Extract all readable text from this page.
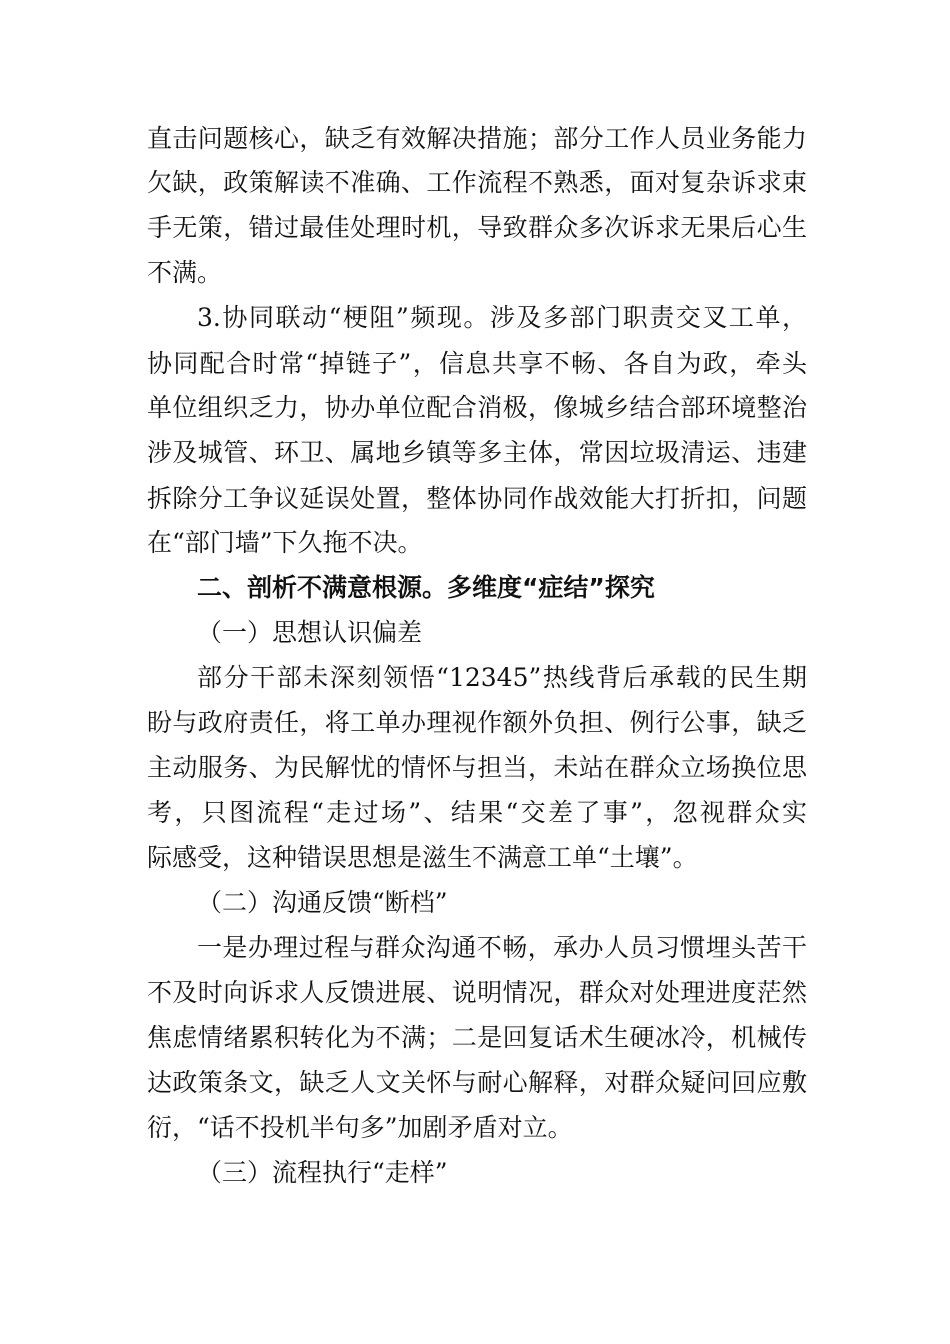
直击问题核心，缺乏有效解决措施；部分工作人员业务能力
欠缺，政策解读不准确、工作流程不熟悉，面对复杂诉求束
手无策，错过最佳处理时机，导致群众多次诉求无果后心生
不满。
3.协同联动“梗阻”频现。涉及多部门职责交叉工单，
协同配合时常“掉链子”，信息共享不畅、各自为政，牵头
单位组织乏力，协办单位配合消极，像城乡结合部环境整治
涉及城管、环卫、属地乡镇等多主体，常因垃圾清运、违建
拆除分工争议延误处置，整体协同作战效能大打折扣，问题
在“部门墙”下久拖不决。
二、剖析不满意根源。多维度“症结”探究
（一）思想认识偏差
部分干部未深刻领悟“12345”热线背后承载的民生期
盼与政府责任，将工单办理视作额外负担、例行公事，缺乏
主动服务、为民解忧的情怀与担当，未站在群众立场换位思
考，只图流程“走过场”、结果“交差了事”，忽视群众实
际感受，这种错误思想是滋生不满意工单“土壤”。
（二）沟通反馈“断档”
一是办理过程与群众沟通不畅，承办人员习惯埋头苦干
不及时向诉求人反馈进展、说明情况，群众对处理进度茫然
焦虑情绪累积转化为不满；二是回复话术生硬冰冷，机械传
达政策条文，缺乏人文关怀与耐心解释，对群众疑问回应敷
衍，“话不投机半句多”加剧矛盾对立。
（三）流程执行“走样”
